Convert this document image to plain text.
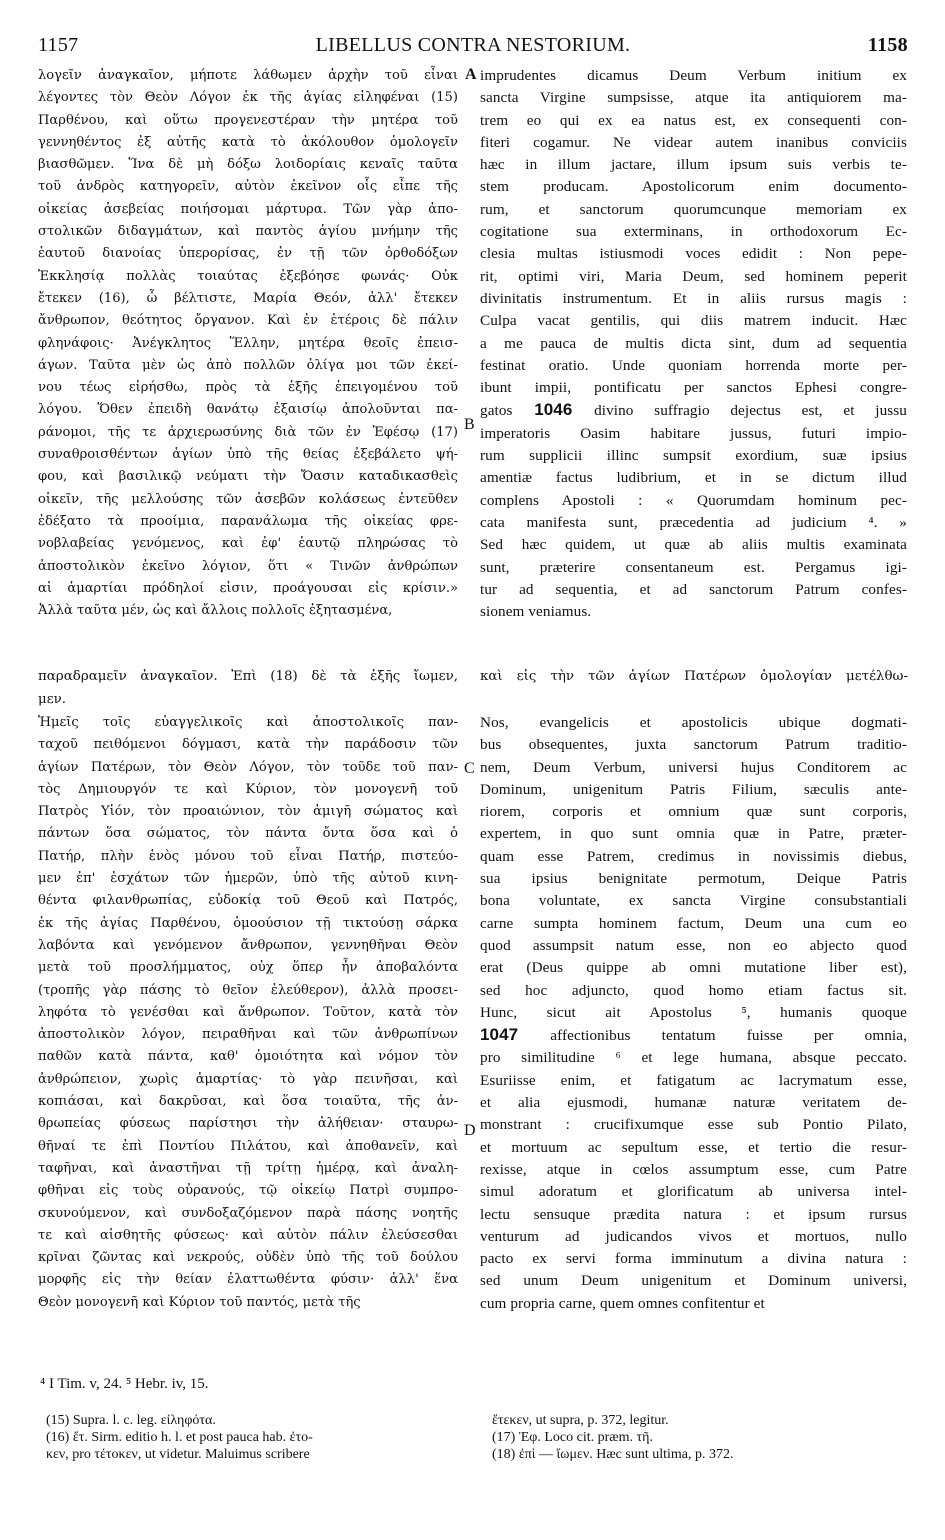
1157	LIBELLUS CONTRA NESTORIUM.	1158
λογεῖν ἀναγκαῖον, μήποτε λάθωμεν ἀρχὴν τοῦ εἶναι
λέγοντες τὸν Θεὸν Λόγον ἐκ τῆς ἁγίας εἰληφέναι (15)
Παρθένου, καὶ οὕτω προγενεστέραν τὴν μητέρα τοῦ
γεννηθέντος ἐξ αὐτῆς κατὰ τὸ ἀκόλουθον ὁμολογεῖν
βιασθῶμεν. Ἵνα δὲ μὴ δόξω λοιδορίαις κεναῖς ταῦτα
τοῦ ἀνδρὸς κατηγορεῖν, αὐτὸν ἐκεῖνον οἷς εἶπε τῆς
οἰκείας ἀσεβείας ποιήσομαι μάρτυρα. Τῶν γὰρ ἀπο-
στολικῶν διδαγμάτων, καὶ παντὸς ἁγίου μνήμην τῆς
ἑαυτοῦ διανοίας ὑπερορίσας, ἐν τῇ τῶν ὀρθοδόξων
Ἐκκλησίᾳ πολλὰς τοιαύτας ἐξεβόησε φωνάς· Οὐκ
ἔτεκεν (16), ὦ βέλτιστε, Μαρία Θεόν, ἀλλ' ἔτεκεν
ἄνθρωπον, θεότητος ὄργανον. Καὶ ἐν ἑτέροις δὲ πάλιν
φληνάφοις· Ἀνέγκλητος Ἕλλην, μητέρα θεοῖς ἐπεισ-
άγων. Ταῦτα μὲν ὡς ἀπὸ πολλῶν ὀλίγα μοι τῶν ἐκεί-
νου τέως εἰρήσθω, πρὸς τὰ ἑξῆς ἐπειγομένου τοῦ
λόγου. Ὅθεν ἐπειδὴ θανάτῳ ἐξαισίῳ ἀπολοῦνται πα-
ράνομοι, τῆς τε ἀρχιερωσύνης διὰ τῶν ἐν Ἐφέσῳ (17)
συναθροισθέντων ἁγίων ὑπὸ τῆς θείας ἐξεβάλετο ψή-
φου, καὶ βασιλικῷ νεύματι τὴν Ὄασιν καταδικασθεὶς
οἰκεῖν, τῆς μελλούσης τῶν ἀσεβῶν κολάσεως ἐντεῦθεν
ἐδέξατο τὰ προοίμια, παρανάλωμα τῆς οἰκείας φρε-
νοβλαβείας γενόμενος, καὶ ἐφ' ἑαυτῷ πληρώσας τὸ
ἀποστολικὸν ἐκεῖνο λόγιον, ὅτι « Τινῶν ἀνθρώπων
αἱ ἁμαρτίαι πρόδηλοί εἰσιν, προάγουσαι εἰς κρίσιν.»
Ἀλλὰ ταῦτα μέν, ὡς καὶ ἄλλοις πολλοῖς ἐξητασμένα,
imprudentes dicamus Deum Verbum initium ex
sancta Virgine sumpsisse, atque ita antiquiorem ma-
trem eo qui ex ea natus est, ex consequenti con-
fiteri cogamur. Ne videar autem inanibus conviciis
hæc in illum jactare, illum ipsum suis verbis te-
stem producam. Apostolicorum enim documento-
rum, et sanctorum quorumcunque memoriam ex
cogitatione sua exterminans, in orthodoxorum Ec-
clesia multas istiusmodi voces edidit : Non pepe-
rit, optimi viri, Maria Deum, sed hominem peperit
divinitatis instrumentum. Et in aliis rursus magis :
Culpa vacat gentilis, qui diis matrem inducit. Hæc
a me pauca de multis dicta sint, dum ad sequentia
festinat oratio. Unde quoniam horrenda morte per-
ibunt impii, pontificatu per sanctos Ephesi congre-
gatos 1046 divino suffragio dejectus est, et jussu
imperatoris Oasim habitare jussus, futuri impio-
rum supplicii illinc sumpsit exordium, suæ ipsius
amentiæ factus ludibrium, et in se dictum illud
complens Apostoli : « Quorumdam hominum pec-
cata manifesta sunt, præcedentia ad judicium ⁴. »
Sed hæc quidem, ut quæ ab aliis multis examinata
sunt, præterire consentaneum est. Pergamus igi-
tur ad sequentia, et ad sanctorum Patrum confes-
sionem veniamus.
A
B
C
D
παραδραμεῖν ἀναγκαῖον. Ἐπὶ (18) δὲ τὰ ἑξῆς ἴωμεν, καὶ εἰς τὴν τῶν ἁγίων Πατέρων ὁμολογίαν μετέλθω-
μεν.
Ἡμεῖς τοῖς εὐαγγελικοῖς καὶ ἀποστολικοῖς παν-
ταχοῦ πειθόμενοι δόγμασι, κατὰ τὴν παράδοσιν τῶν
ἁγίων Πατέρων, τὸν Θεὸν Λόγον, τὸν τοῦδε τοῦ παν-
τὸς Δημιουργόν τε καὶ Κύριον, τὸν μονογενῆ τοῦ
Πατρὸς Υἱόν, τὸν προαιώνιον, τὸν ἀμιγῆ σώματος καὶ
πάντων ὅσα σώματος, τὸν πάντα ὄντα ὅσα καὶ ὁ
Πατήρ, πλὴν ἑνὸς μόνου τοῦ εἶναι Πατήρ, πιστεύο-
μεν ἐπ' ἐσχάτων τῶν ἡμερῶν, ὑπὸ τῆς αὐτοῦ κινη-
θέντα φιλανθρωπίας, εὐδοκίᾳ τοῦ Θεοῦ καὶ Πατρός,
ἐκ τῆς ἁγίας Παρθένου, ὁμοούσιον τῇ τικτούσῃ σάρκα
λαβόντα καὶ γενόμενον ἄνθρωπον, γεννηθῆναι Θεὸν
μετὰ τοῦ προσλήμματος, οὐχ ὅπερ ἦν ἀποβαλόντα
(τροπῆς γὰρ πάσης τὸ θεῖον ἐλεύθερον), ἀλλὰ προσει-
ληφότα τὸ γενέσθαι καὶ ἄνθρωπον. Τοῦτον, κατὰ τὸν
ἀποστολικὸν λόγον, πειραθῆναι καὶ τῶν ἀνθρωπίνων
παθῶν κατὰ πάντα, καθ' ὁμοιότητα καὶ νόμον τὸν
ἀνθρώπειον, χωρὶς ἁμαρτίας· τὸ γὰρ πεινῆσαι, καὶ
κοπιάσαι, καὶ δακρῦσαι, καὶ ὅσα τοιαῦτα, τῆς ἀν-
θρωπείας φύσεως παρίστησι τὴν ἀλήθειαν· σταυρω-
θῆναί τε ἐπὶ Ποντίου Πιλάτου, καὶ ἀποθανεῖν, καὶ
ταφῆναι, καὶ ἀναστῆναι τῇ τρίτῃ ἡμέρᾳ, καὶ ἀναλη-
φθῆναι εἰς τοὺς οὐρανούς, τῷ οἰκείῳ Πατρὶ συμπρο-
σκυνούμενον, καὶ συνδοξαζόμενον παρὰ πάσης νοητῆς
τε καὶ αἰσθητῆς φύσεως· καὶ αὐτὸν πάλιν ἐλεύσεσθαι
κρῖναι ζῶντας καὶ νεκρούς, οὐδὲν ὑπὸ τῆς τοῦ δούλου
μορφῆς εἰς τὴν θείαν ἐλαττωθέντα φύσιν· ἀλλ' ἕνα
Θεὸν μονογενῆ καὶ Κύριον τοῦ παντός, μετὰ τῆς
Nos, evangelicis et apostolicis ubique dogmati-
bus obsequentes, juxta sanctorum Patrum traditio-
nem, Deum Verbum, universi hujus Conditorem ac
Dominum, unigenitum Patris Filium, sæculis ante-
riorem, corporis et omnium quæ sunt corporis,
expertem, in quo sunt omnia quæ in Patre, præter-
quam esse Patrem, credimus in novissimis diebus,
sua ipsius benignitate permotum, Deique Patris
bona voluntate, ex sancta Virgine consubstantiali
carne sumpta hominem factum, Deum una cum eo
quod assumpsit natum esse, non eo abjecto quod
erat (Deus quippe ab omni mutatione liber est),
sed hoc adjuncto, quod homo etiam factus sit.
Hunc, sicut ait Apostolus ⁵, humanis quoque
1047 affectionibus tentatum fuisse per omnia,
pro similitudine ⁶ et lege humana, absque peccato.
Esuriisse enim, et fatigatum ac lacrymatum esse,
et alia ejusmodi, humanæ naturæ veritatem de-
monstrant : crucifixumque esse sub Pontio Pilato,
et mortuum ac sepultum esse, et tertio die resur-
rexisse, atque in cœlos assumptum esse, cum Patre
simul adoratum et glorificatum ab universa intel-
lectu sensuque prædita natura : et ipsum rursus
venturum ad judicandos vivos et mortuos, nullo
pacto ex servi forma imminutum a divina natura :
sed unum Deum unigenitum et Dominum universi,
cum propria carne, quem omnes confitentur et
⁴ I Tim. v, 24. ⁵ Hebr. iv, 15.
(15) Supra. l. c. leg. εἰληφότα.
(16) ἔτ. Sirm. editio h. l. et post pauca hab. ἐτο-
κεν, pro τέτοκεν, ut videtur. Maluimus scribere
ἔτεκεν, ut supra, p. 372, legitur.
(17) Ἐφ. Loco cit. præm. τῆ.
(18) ἐπὶ — ἴωμεν. Hæc sunt ultima, p. 372.
